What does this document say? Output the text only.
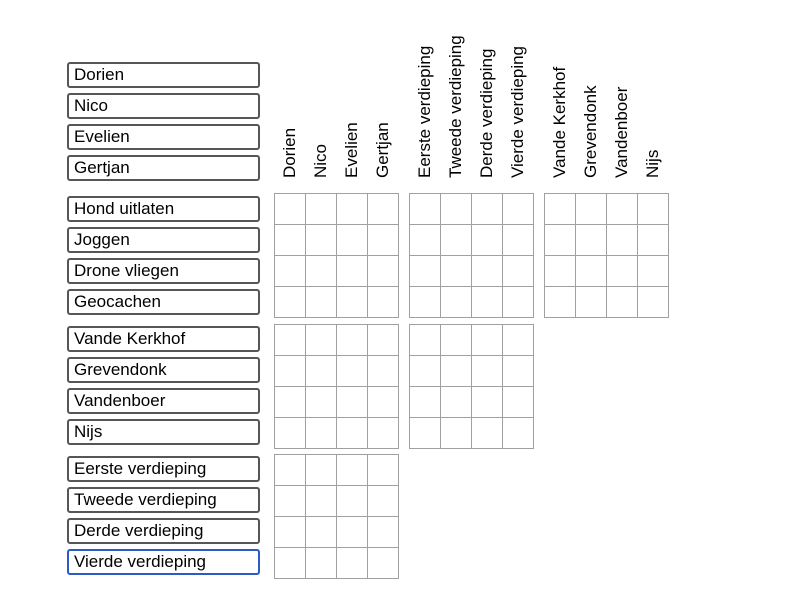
Dorien Nico Evelien Gertjan	Eerste verdieping Tweede verdieping Derde verdieping Vierde verdieping	Vande Kerkhof Grevendonk Vandenboer Nijs
Dorien
Nico
Evelien
Gertjan
Hond uitlaten
Joggen
Drone vliegen
Geocachen
Vande Kerkhof
Grevendonk
Vandenboer
Nijs
Eerste verdieping
Tweede verdieping
Derde verdieping
Vierde verdieping
